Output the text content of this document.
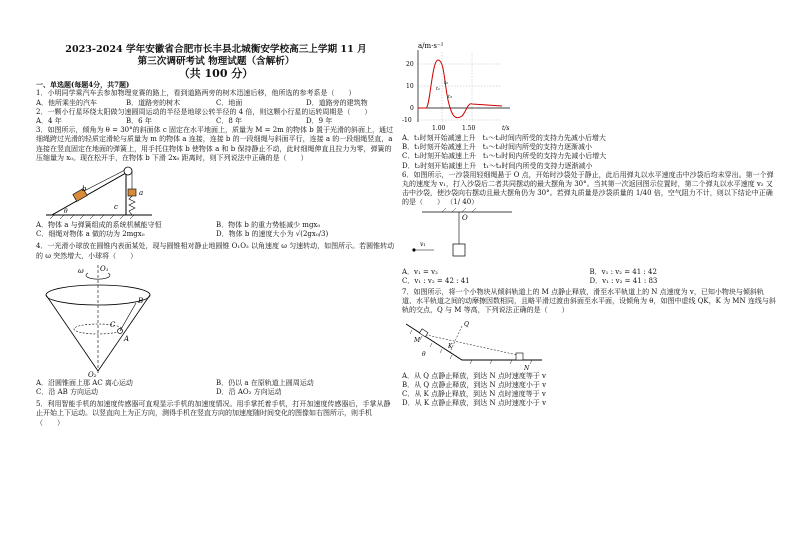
2023-2024 学年安徽省合肥市长丰县北城衡安学校高三上学期 11 月
第三次调研考试 物理试题（含解析）
（共 100 分）
一、单选题(每题4分，共7题)

1．小明同学乘汽车去参加物理竞赛的路上，看到道路两旁的树木迅速后移，他所选的参考系是（　　）

A．他所乘坐的汽车	B．道路旁的树木	C．地面	D．道路旁的建筑物

2．一颗小行星环绕太阳做匀速圆周运动的半径是地球公转半径的 4 倍，则这颗小行星的运转周期是（　　）

A．4 年	B．6 年	C．8 年	D．9 年

3．如图所示，倾角为 θ = 30°的斜面体 c 固定在水平地面上，质量为 M = 2m 的物体 b 置于光滑的斜面上，通过细绳跨过光滑的轻质定滑轮与质量为 m 的物体 a 连接，连接 b 的一段细绳与斜面平行，连接 a 的一段细绳竖直，a 连接在竖直固定在地面的弹簧上，用手托住物体 b 使物体 a 和 b 保持静止不动，此时细绳伸直且拉力为零，弹簧的压缩量为 x₀。现在松开手，在物体 b 下滑 2x₀ 距离时，则下列说法中正确的是（　　）

b	a
c
θ
A．物体 a 与弹簧组成的系统机械能守恒	B．物体 b 的重力势能减少 mgx₀
C．细绳对物体 a 做的功为 2mgx₀	D．物体 b 的速度大小为 √(2gx₀/3)

4．一光滑小球放在圆锥内表面某处，现与圆锥相对静止地圆锥 O₁O₂ 以角速度 ω 匀速转动，如图所示。若圆锥转动的 ω 突然增大，小球将（　　）

O₁
O₂
B
C
A
ω
A．沿圆锥面上那 AC 离心运动	B．仍以 a 在原轨道上圆周运动
C．沿 AB 方向运动	D．沿 AO₂ 方向运动

5．利用智能手机的加速度传感器可直观显示手机的加速度情况。用手掌托着手机，打开加速度传感器后，手掌从静止开始上下运动。以竖直向上为正方向，测得手机在竖直方向的加速度随时间变化的图像如右图所示，则手机（　　）

a/m·s⁻²
20
10
0
-10
1.00	1.50	t/s
t₁
t₂
t₃

A．t₁时刻开始减速上升　t₁～t₃时间内所受的支持力先减小后增大

B．t₁时刻开始减速上升　t₁～t₃时间内所受的支持力逐渐减小

C．t₂时刻开始减速上升　t₁～t₃时间内所受的支持力先减小后增大

D．t₂时刻开始减速上升　t₁～t₃时间内所受的支持力逐渐减小

6．如图所示，一沙袋用轻细绳悬于 O 点，开始时沙袋处于静止，此后用弹丸以水平速度击中沙袋后均未穿出。第一个弹丸的速度为 v₁，打入沙袋后二者共同摆动的最大摆角为 30°。当其第一次返回图示位置时，第二个弹丸以水平速度 v₂ 又击中沙袋，使沙袋向右摆动且最大摆角仍为 30°。若弹丸质量是沙袋质量的 1/40 倍，空气阻力不计，则以下结论中正确的是（　　） （1/ 40）

O
v₁
A．v₁ = v₂	B．v₁ : v₂ = 41 : 42
C．v₁ : v₂ = 42 : 41	D．v₁ : v₂ = 41 : 83

7．如图所示，将一个小物块从倾斜轨道上的 M 点静止释放，滑至水平轨道上的 N 点速度为 v，已知小物块与倾斜轨道、水平轨道之间的动摩擦因数相同，且略平滑过渡由斜面至水平面，设倾角为 θ，如图中虚线 QK，K 为 MN 连线与斜轨的交点，Q 与 M 等高，下列说法正确的是（　　）

M
Q
K
θ
N

A．从 Q 点静止释放，到达 N 点时速度等于 v

B．从 Q 点静止释放，到达 N 点时速度小于 v

C．从 K 点静止释放，到达 N 点时速度等于 v

D．从 K 点静止释放，到达 N 点时速度小于 v
